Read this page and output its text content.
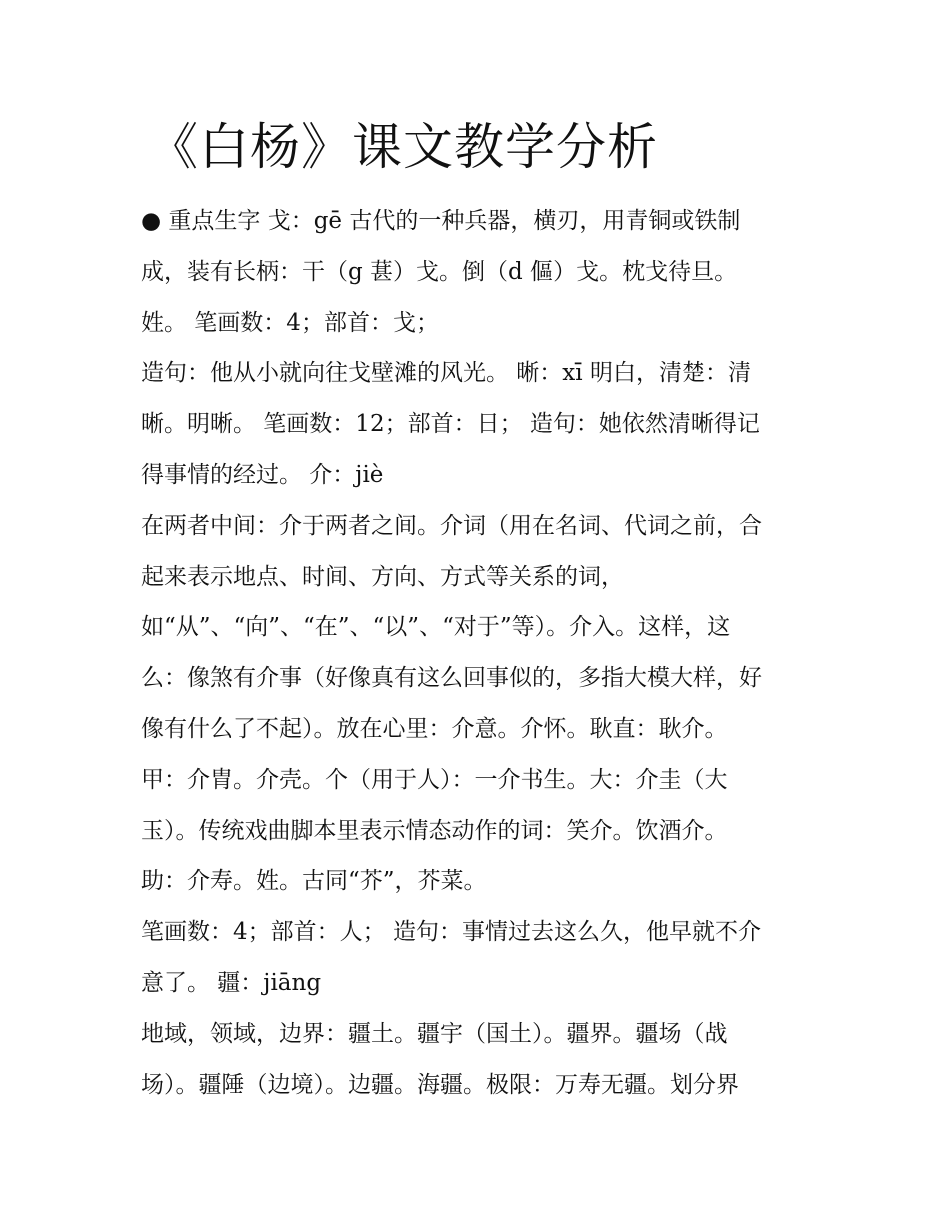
《白杨》课文教学分析
● 重点生字 戈：gē 古代的一种兵器，横刃，用青铜或铁制
成，装有长柄：干（g 葚）戈。倒（d 傴）戈。枕戈待旦。
姓。 笔画数：4；部首：戈；
造句：他从小就向往戈壁滩的风光。 晰：xī 明白，清楚：清
晰。明晰。 笔画数：12；部首：日； 造句：她依然清晰得记
得事情的经过。 介：jiè
在两者中间：介于两者之间。介词（用在名词、代词之前，合
起来表示地点、时间、方向、方式等关系的词，
如“从”、“向”、“在”、“以”、“对于”等）。介入。这样，这
么：像煞有介事（好像真有这么回事似的，多指大模大样，好
像有什么了不起）。放在心里：介意。介怀。耿直：耿介。
甲：介胄。介壳。个（用于人）：一介书生。大：介圭（大
玉）。传统戏曲脚本里表示情态动作的词：笑介。饮酒介。
助：介寿。姓。古同“芥”，芥菜。
笔画数：4；部首：人； 造句：事情过去这么久，他早就不介
意了。 疆：jiāng
地域，领域，边界：疆土。疆宇（国土）。疆界。疆场（战
场）。疆陲（边境）。边疆。海疆。极限：万寿无疆。划分界
